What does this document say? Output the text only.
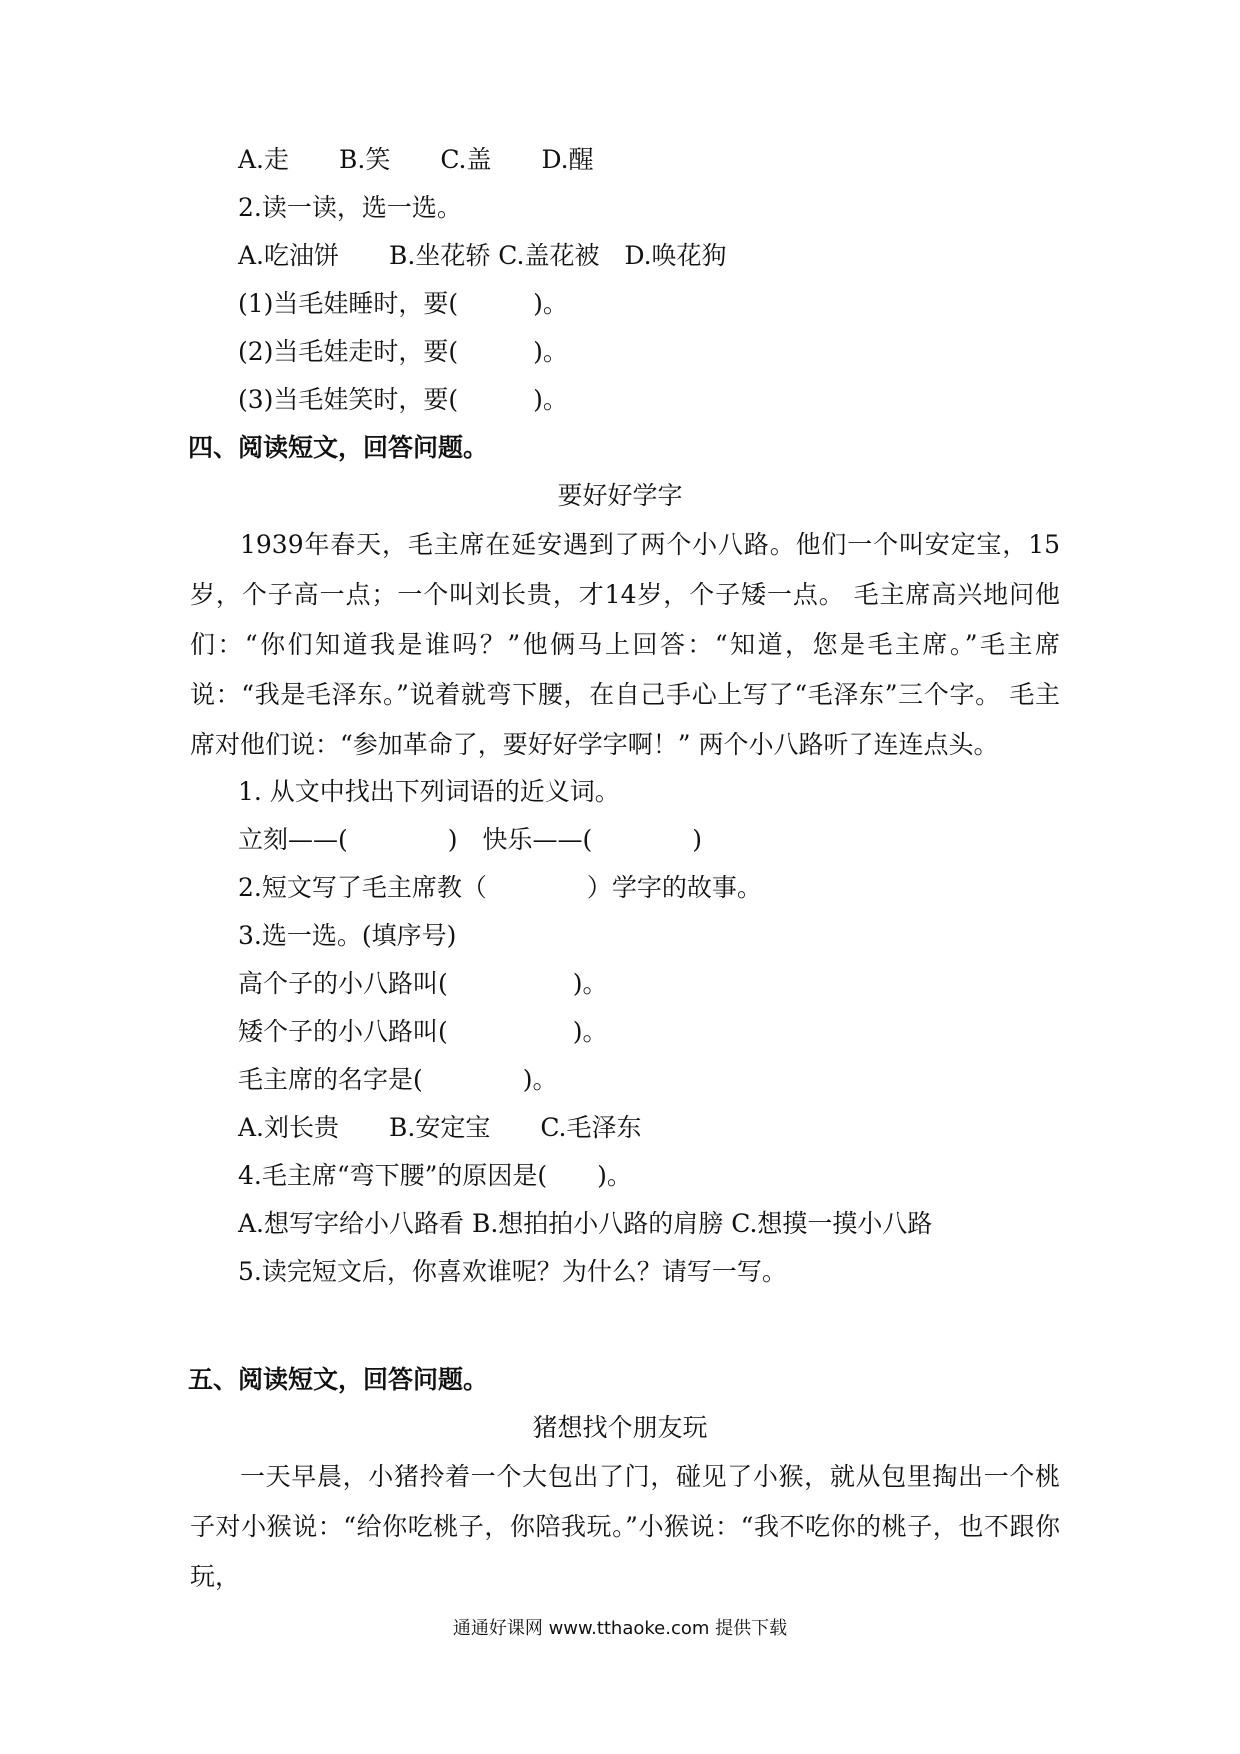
A.走　　B.笑　　C.盖　　D.醒
2.读一读，选一选。
A.吃油饼　　B.坐花轿 C.盖花被　D.唤花狗
(1)当毛娃睡时，要(　　　)。
(2)当毛娃走时，要(　　　)。
(3)当毛娃笑时，要(　　　)。
四、阅读短文，回答问题。
要好好学字

1939年春天，毛主席在延安遇到了两个小八路。他们一个叫安定宝，15岁，个子高一点；一个叫刘长贵，才14岁，个子矮一点。 毛主席高兴地问他们：“你们知道我是谁吗？”他俩马上回答：“知道，您是毛主席。”毛主席说：“我是毛泽东。”说着就弯下腰，在自己手心上写了“毛泽东”三个字。 毛主席对他们说：“参加革命了，要好好学字啊！” 两个小八路听了连连点头。

1. 从文中找出下列词语的近义词。
立刻——(　　　　)　快乐——(　　　　)
2.短文写了毛主席教（　　　　）学字的故事。
3.选一选。(填序号)
高个子的小八路叫(　　　　　)。
矮个子的小八路叫(　　　　　)。
毛主席的名字是(　　　　)。
A.刘长贵　　B.安定宝　　C.毛泽东
4.毛主席“弯下腰”的原因是(　　)。
A.想写字给小八路看 B.想拍拍小八路的肩膀 C.想摸一摸小八路
5.读完短文后，你喜欢谁呢？为什么？请写一写。
五、阅读短文，回答问题。
猪想找个朋友玩

一天早晨，小猪拎着一个大包出了门，碰见了小猴，就从包里掏出一个桃子对小猴说：“给你吃桃子，你陪我玩。”小猴说：“我不吃你的桃子，也不跟你玩，

通通好课网 www.tthaoke.com 提供下载
